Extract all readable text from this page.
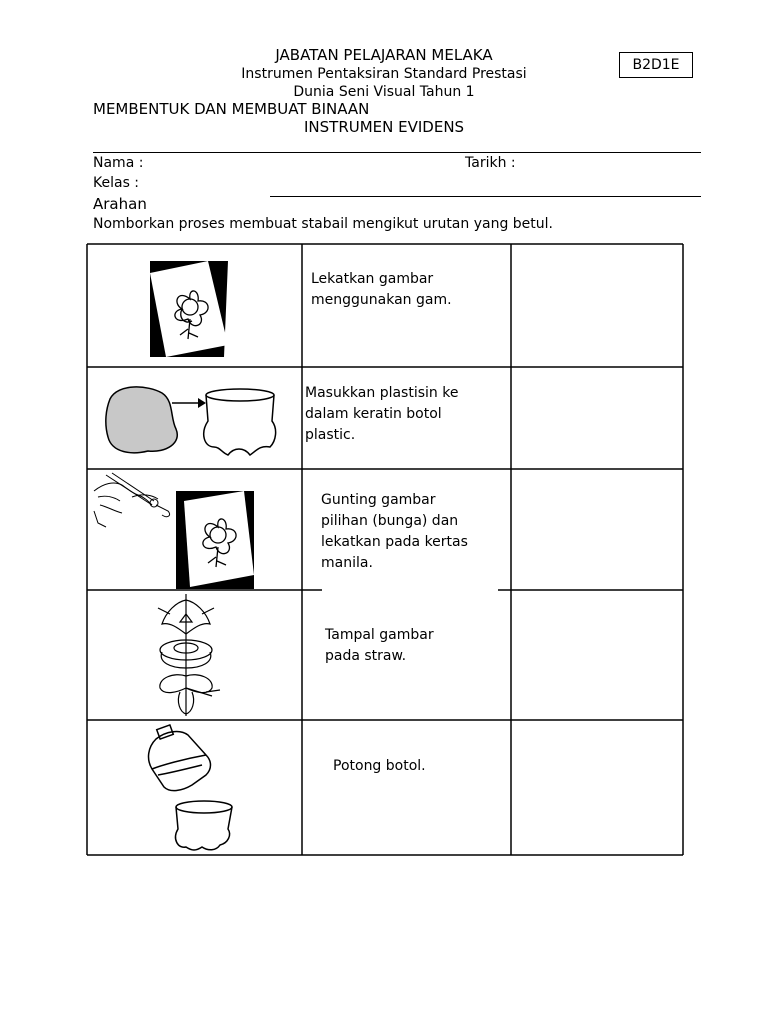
JABATAN PELAJARAN MELAKA
Instrumen Pentaksiran Standard Prestasi
Dunia Seni Visual Tahun 1
B2D1E
MEMBENTUK DAN MEMBUAT BINAAN
INSTRUMEN EVIDENS
Nama :	Tarikh :
Kelas :
Arahan
Nomborkan proses membuat stabail mengikut urutan yang betul.
Lekatkan gambar
menggunakan gam.
Masukkan plastisin ke
dalam keratin botol
plastic.
Gunting gambar
pilihan (bunga) dan
lekatkan pada kertas
manila.
Tampal gambar
pada straw.
Potong botol.
